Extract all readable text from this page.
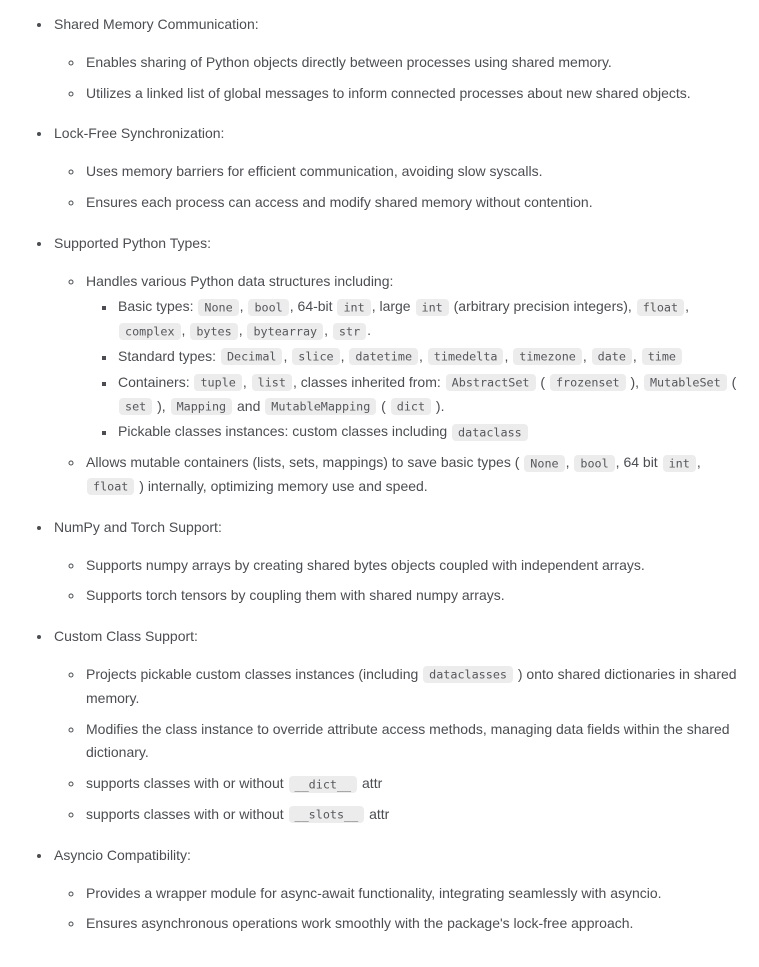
• Shared Memory Communication:
◦ Enables sharing of Python objects directly between processes using shared memory.
◦ Utilizes a linked list of global messages to inform connected processes about new shared objects.
• Lock-Free Synchronization:
◦ Uses memory barriers for efficient communication, avoiding slow syscalls.
◦ Ensures each process can access and modify shared memory without contention.
• Supported Python Types:
◦ Handles various Python data structures including:
▪ Basic types: None , bool , 64-bit int , large int (arbitrary precision integers), float , complex , bytes , bytearray , str .
▪ Standard types: Decimal , slice , datetime , timedelta , timezone , date , time
▪ Containers: tuple , list , classes inherited from: AbstractSet ( frozenset ), MutableSet ( set ), Mapping and MutableMapping ( dict ).
▪ Pickable classes instances: custom classes including dataclass
◦ Allows mutable containers (lists, sets, mappings) to save basic types ( None , bool , 64 bit int , float ) internally, optimizing memory use and speed.
• NumPy and Torch Support:
◦ Supports numpy arrays by creating shared bytes objects coupled with independent arrays.
◦ Supports torch tensors by coupling them with shared numpy arrays.
• Custom Class Support:
◦ Projects pickable custom classes instances (including dataclasses ) onto shared dictionaries in shared memory.
◦ Modifies the class instance to override attribute access methods, managing data fields within the shared dictionary.
◦ supports classes with or without __dict__ attr
◦ supports classes with or without __slots__ attr
• Asyncio Compatibility:
◦ Provides a wrapper module for async-await functionality, integrating seamlessly with asyncio.
◦ Ensures asynchronous operations work smoothly with the package's lock-free approach.
